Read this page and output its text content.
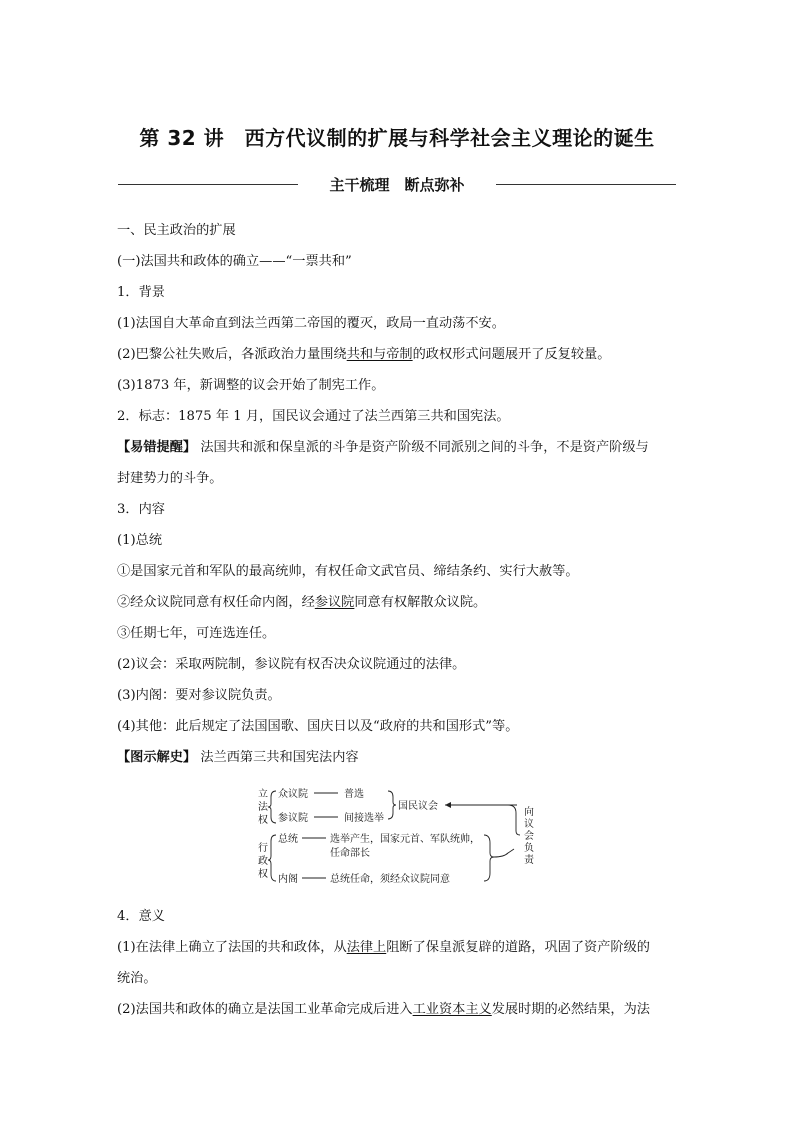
第 32 讲　西方代议制的扩展与科学社会主义理论的诞生
主干梳理　断点弥补
一、民主政治的扩展
(一)法国共和政体的确立——“一票共和”
1．背景
(1)法国自大革命直到法兰西第二帝国的覆灭，政局一直动荡不安。
(2)巴黎公社失败后，各派政治力量围绕共和与帝制的政权形式问题展开了反复较量。
(3)1873 年，新调整的议会开始了制宪工作。
2．标志：1875 年 1 月，国民议会通过了法兰西第三共和国宪法。
【易错提醒】 法国共和派和保皇派的斗争是资产阶级不同派别之间的斗争，不是资产阶级与
封建势力的斗争。
3．内容
(1)总统
①是国家元首和军队的最高统帅，有权任命文武官员、缔结条约、实行大赦等。
②经众议院同意有权任命内阁，经参议院同意有权解散众议院。
③任期七年，可连选连任。
(2)议会：采取两院制，参议院有权否决众议院通过的法律。
(3)内阁：要对参议院负责。
(4)其他：此后规定了法国国歌、国庆日以及“政府的共和国形式”等。
【图示解史】 法兰西第三共和国宪法内容
立
法
权
行
政
权
众议院	普选
参议院	间接选举
国民议会
向
议
会
负
责
总统	选举产生，国家元首、军队统帅，
任命部长
内阁	总统任命，须经众议院同意
4．意义
(1)在法律上确立了法国的共和政体，从法律上阻断了保皇派复辟的道路，巩固了资产阶级的
统治。
(2)法国共和政体的确立是法国工业革命完成后进入工业资本主义发展时期的必然结果，为法
